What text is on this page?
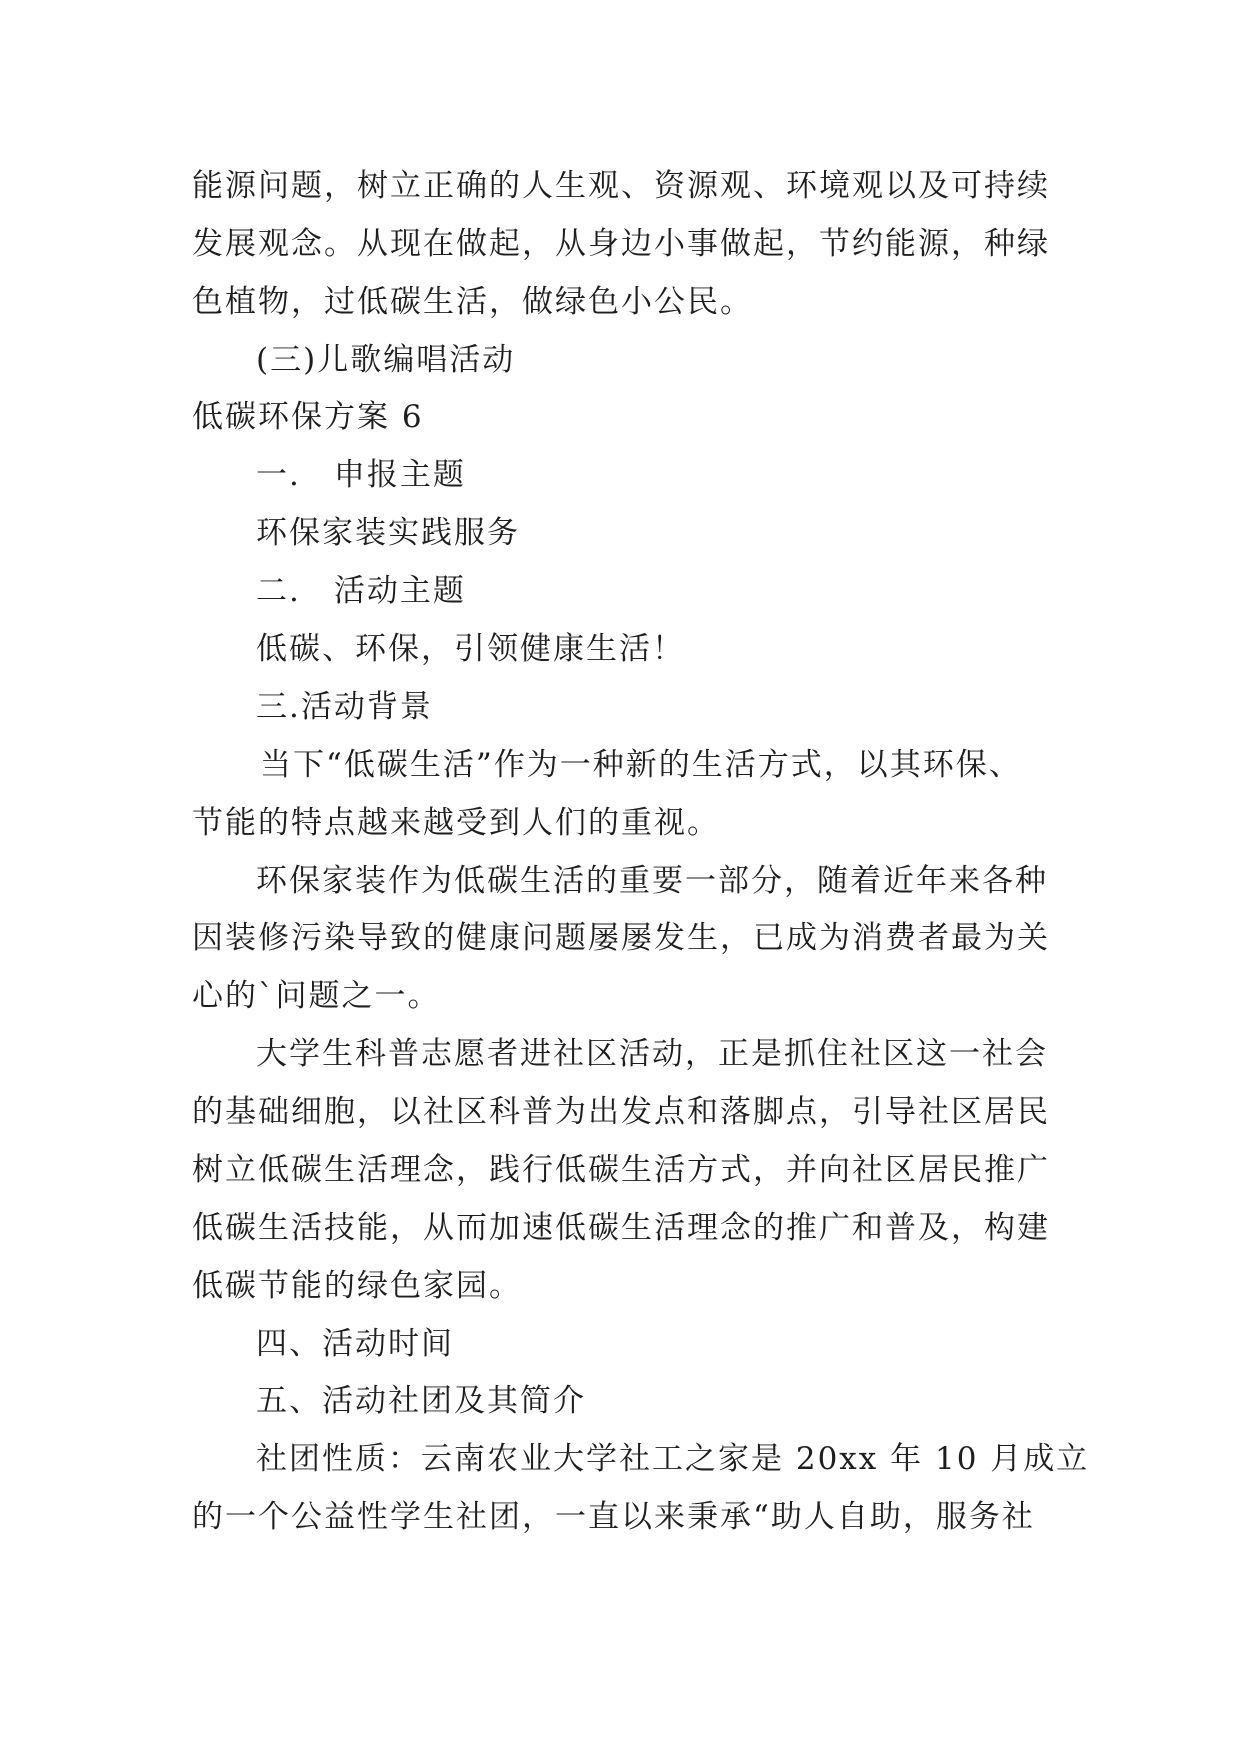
能源问题，树立正确的人生观、资源观、环境观以及可持续

发展观念。从现在做起，从身边小事做起，节约能源，种绿

色植物，过低碳生活，做绿色小公民。

(三)儿歌编唱活动

低碳环保方案 6

一.　申报主题

环保家装实践服务

二.　活动主题

低碳、环保，引领健康生活！

三.活动背景

当下“低碳生活”作为一种新的生活方式，以其环保、

节能的特点越来越受到人们的重视。

环保家装作为低碳生活的重要一部分，随着近年来各种

因装修污染导致的健康问题屡屡发生，已成为消费者最为关

心的`问题之一。

大学生科普志愿者进社区活动，正是抓住社区这一社会

的基础细胞，以社区科普为出发点和落脚点，引导社区居民

树立低碳生活理念，践行低碳生活方式，并向社区居民推广

低碳生活技能，从而加速低碳生活理念的推广和普及，构建

低碳节能的绿色家园。

四、活动时间

五、活动社团及其简介

社团性质：云南农业大学社工之家是 20xx 年 10 月成立

的一个公益性学生社团，一直以来秉承“助人自助，服务社
